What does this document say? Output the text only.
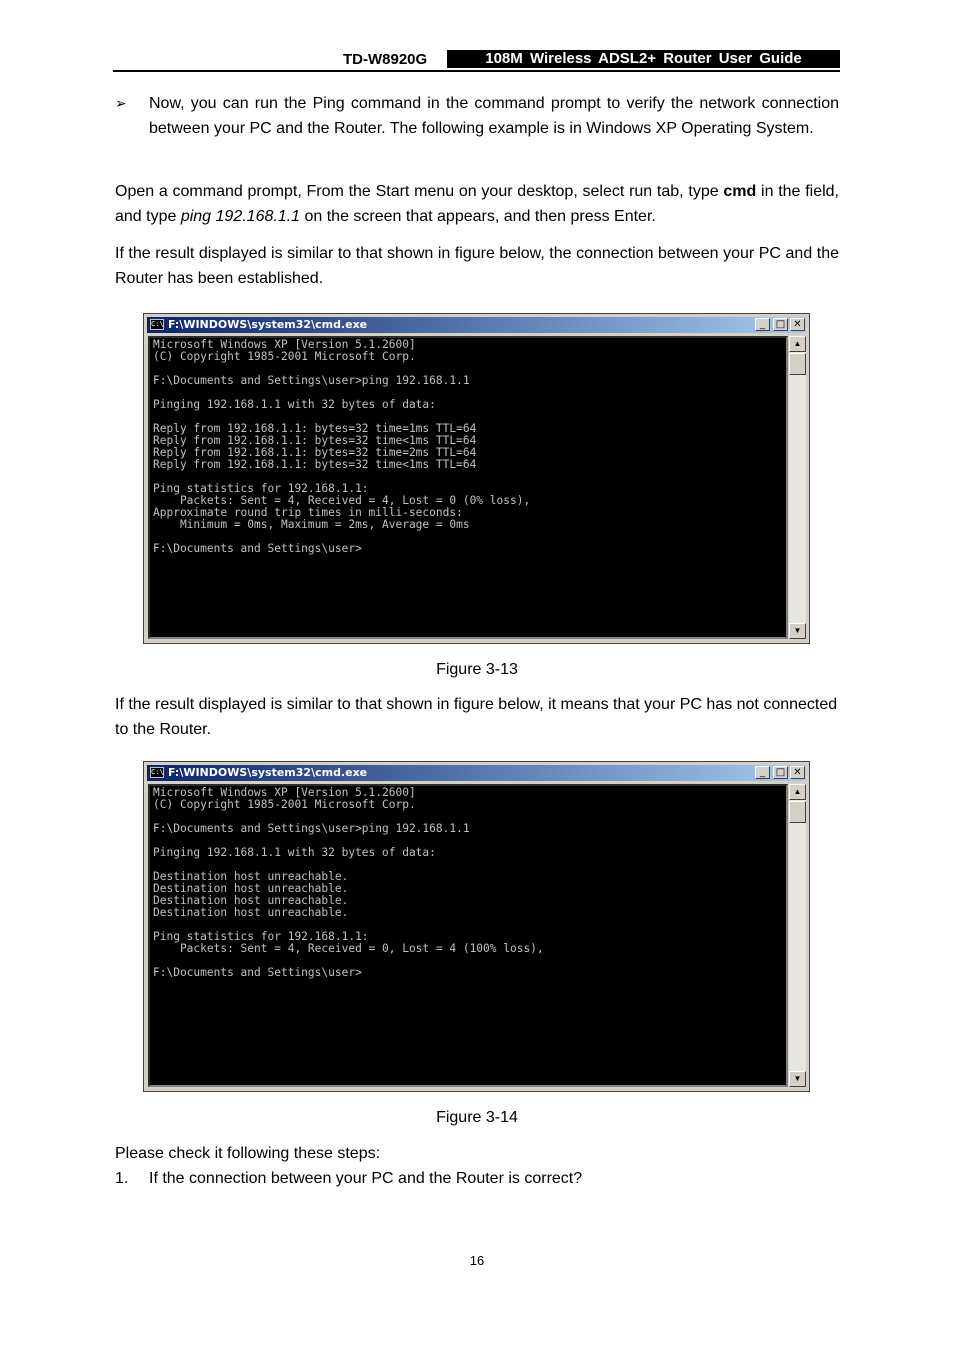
TD-W8920G	108M Wireless ADSL2+ Router User Guide
➢ Now, you can run the Ping command in the command prompt to verify the network connection between your PC and the Router. The following example is in Windows XP Operating System.

Open a command prompt, From the Start menu on your desktop, select run tab, type cmd in the field, and type ping 192.168.1.1 on the screen that appears, and then press Enter.

If the result displayed is similar to that shown in figure below, the connection between your PC and the Router has been established.

C:\ F:\WINDOWS\system32\cmd.exe	_	□ ✕
Microsoft Windows XP [Version 5.1.2600]
(C) Copyright 1985-2001 Microsoft Corp.

F:\Documents and Settings\user>ping 192.168.1.1

Pinging 192.168.1.1 with 32 bytes of data:

Reply from 192.168.1.1: bytes=32 time=1ms TTL=64
Reply from 192.168.1.1: bytes=32 time<1ms TTL=64
Reply from 192.168.1.1: bytes=32 time=2ms TTL=64
Reply from 192.168.1.1: bytes=32 time<1ms TTL=64

Ping statistics for 192.168.1.1:
Packets: Sent = 4, Received = 4, Lost = 0 (0% loss),
Approximate round trip times in milli-seconds:
Minimum = 0ms, Maximum = 2ms, Average = 0ms

F:\Documents and Settings\user>
▲
▼
Figure 3-13

If the result displayed is similar to that shown in figure below, it means that your PC has not connected to the Router.

C:\ F:\WINDOWS\system32\cmd.exe	_	□ ✕
Microsoft Windows XP [Version 5.1.2600]
(C) Copyright 1985-2001 Microsoft Corp.

F:\Documents and Settings\user>ping 192.168.1.1

Pinging 192.168.1.1 with 32 bytes of data:

Destination host unreachable.
Destination host unreachable.
Destination host unreachable.
Destination host unreachable.

Ping statistics for 192.168.1.1:
Packets: Sent = 4, Received = 0, Lost = 4 (100% loss),

F:\Documents and Settings\user>
▲
▼
Figure 3-14

Please check it following these steps:

1. If the connection between your PC and the Router is correct?
16
